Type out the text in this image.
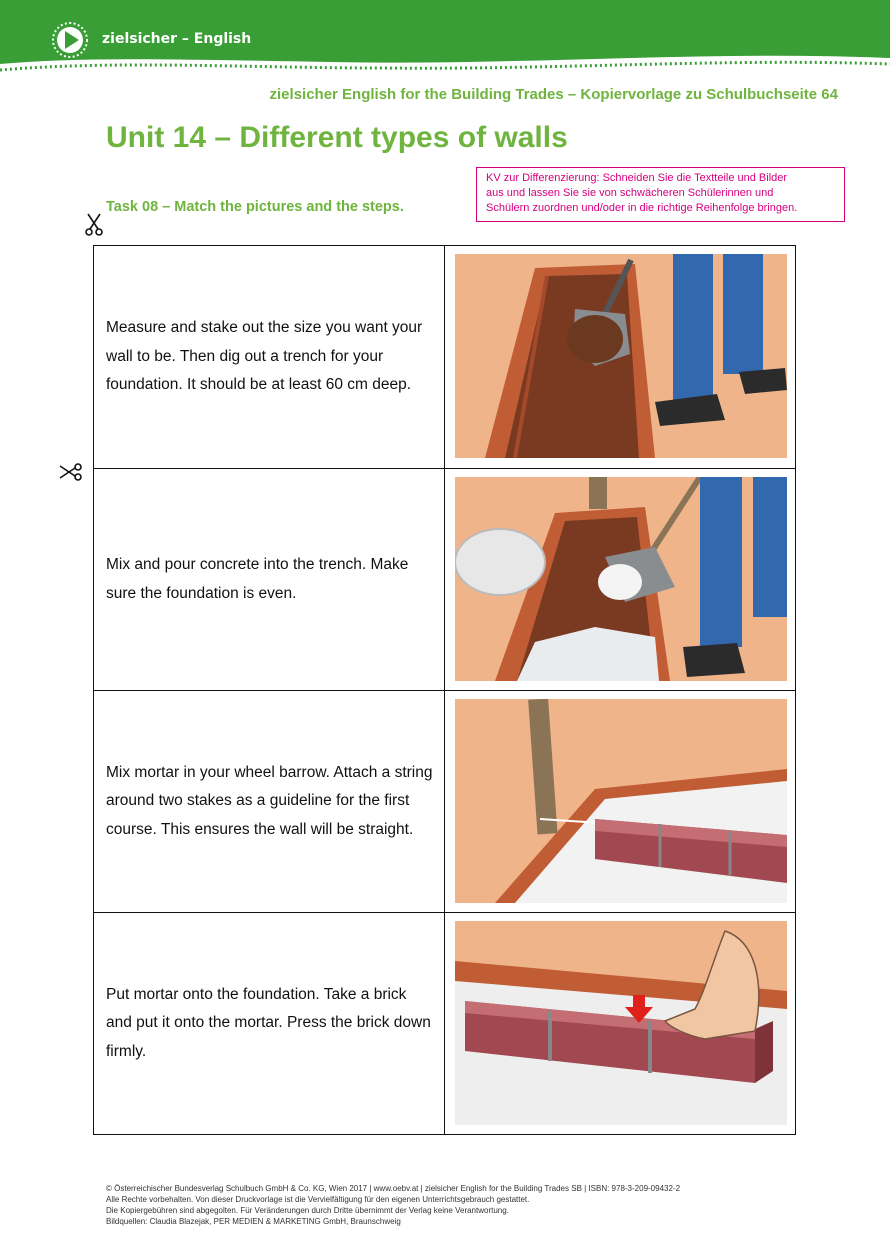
zielsicher – English
zielsicher English for the Building Trades – Kopiervorlage zu Schulbuchseite 64
Unit 14 – Different types of walls
KV zur Differenzierung: Schneiden Sie die Textteile und Bilder
aus und lassen Sie sie von schwächeren Schülerinnen und
Schülern zuordnen und/oder in die richtige Reihenfolge bringen.
Task 08 – Match the pictures and the steps.

Measure and stake out the size you want your wall to be. Then dig out a trench for your foundation. It should be at least 60 cm deep.

Mix and pour concrete into the trench. Make sure the foundation is even.

Mix mortar in your wheel barrow. Attach a string around two stakes as a guideline for the first course. This ensures the wall will be straight.

Put mortar onto the foundation. Take a brick and put it onto the mortar. Press the brick down firmly.

© Österreichischer Bundesverlag Schulbuch GmbH & Co. KG, Wien 2017 | www.oebv.at | zielsicher English for the Building Trades SB | ISBN: 978-3-209-09432-2
Alle Rechte vorbehalten. Von dieser Druckvorlage ist die Vervielfältigung für den eigenen Unterrichtsgebrauch gestattet.
Die Kopiergebühren sind abgegolten. Für Veränderungen durch Dritte übernimmt der Verlag keine Verantwortung.
Bildquellen: Claudia Blazejak, PER MEDIEN & MARKETING GmbH, Braunschweig
